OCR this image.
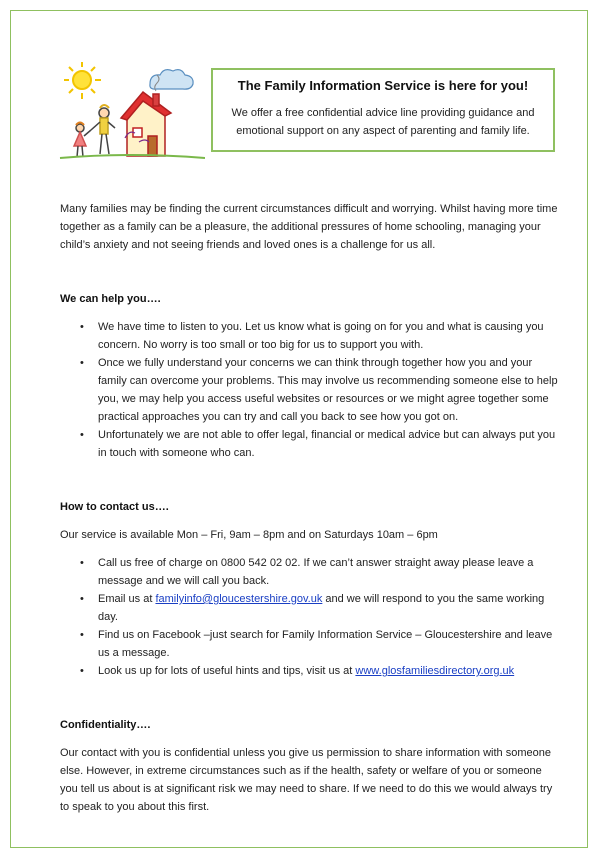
The Family Information Service is here for you!

We offer a free confidential advice line providing guidance and emotional support on any aspect of parenting and family life.

Many families may be finding the current circumstances difficult and worrying. Whilst having more time together as a family can be a pleasure, the additional pressures of home schooling, managing your child’s anxiety and not seeing friends and loved ones is a challenge for us all.

We can help you….
• We have time to listen to you. Let us know what is going on for you and what is causing you concern. No worry is too small or too big for us to support you with.
• Once we fully understand your concerns we can think through together how you and your family can overcome your problems. This may involve us recommending someone else to help you, we may help you access useful websites or resources or we might agree together some practical approaches you can try and call you back to see how you got on.
• Unfortunately we are not able to offer legal, financial or medical advice but can always put you in touch with someone who can.
How to contact us….

Our service is available Mon – Fri, 9am – 8pm and on Saturdays 10am – 6pm

• Call us free of charge on 0800 542 02 02. If we can’t answer straight away please leave a message and we will call you back.
• Email us at familyinfo@gloucestershire.gov.uk and we will respond to you the same working day.
• Find us on Facebook –just search for Family Information Service – Gloucestershire and leave us a message.
• Look us up for lots of useful hints and tips, visit us at www.glosfamiliesdirectory.org.uk
Confidentiality….

Our contact with you is confidential unless you give us permission to share information with someone else. However, in extreme circumstances such as if the health, safety or welfare of you or someone you tell us about is at significant risk we may need to share. If we need to do this we would always try to speak to you about this first.
